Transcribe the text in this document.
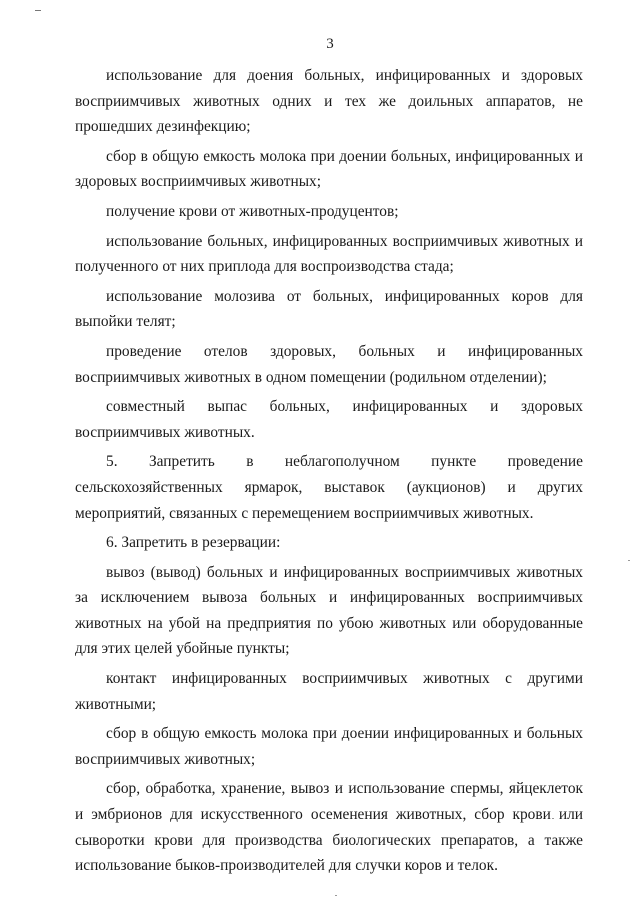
3

использование для доения больных, инфицированных и здоровых восприимчивых животных одних и тех же доильных аппаратов, не прошедших дезинфекцию;

сбор в общую емкость молока при доении больных, инфицированных и здоровых восприимчивых животных;

получение крови от животных-продуцентов;

использование больных, инфицированных восприимчивых животных и полученного от них приплода для воспроизводства стада;

использование молозива от больных, инфицированных коров для выпойки телят;

проведение отелов здоровых, больных и инфицированных восприимчивых животных в одном помещении (родильном отделении);

совместный выпас больных, инфицированных и здоровых восприимчивых животных.

5. Запретить в неблагополучном пункте проведение сельскохозяйственных ярмарок, выставок (аукционов) и других мероприятий, связанных с перемещением восприимчивых животных.

6. Запретить в резервации:

вывоз (вывод) больных и инфицированных восприимчивых животных за исключением вывоза больных и инфицированных восприимчивых животных на убой на предприятия по убою животных или оборудованные для этих целей убойные пункты;

контакт инфицированных восприимчивых животных с другими животными;

сбор в общую емкость молока при доении инфицированных и больных восприимчивых животных;

сбор, обработка, хранение, вывоз и использование спермы, яйцеклеток и эмбрионов для искусственного осеменения животных, сбор крови или сыворотки крови для производства биологических препаратов, а также использование быков-производителей для случки коров и телок.
